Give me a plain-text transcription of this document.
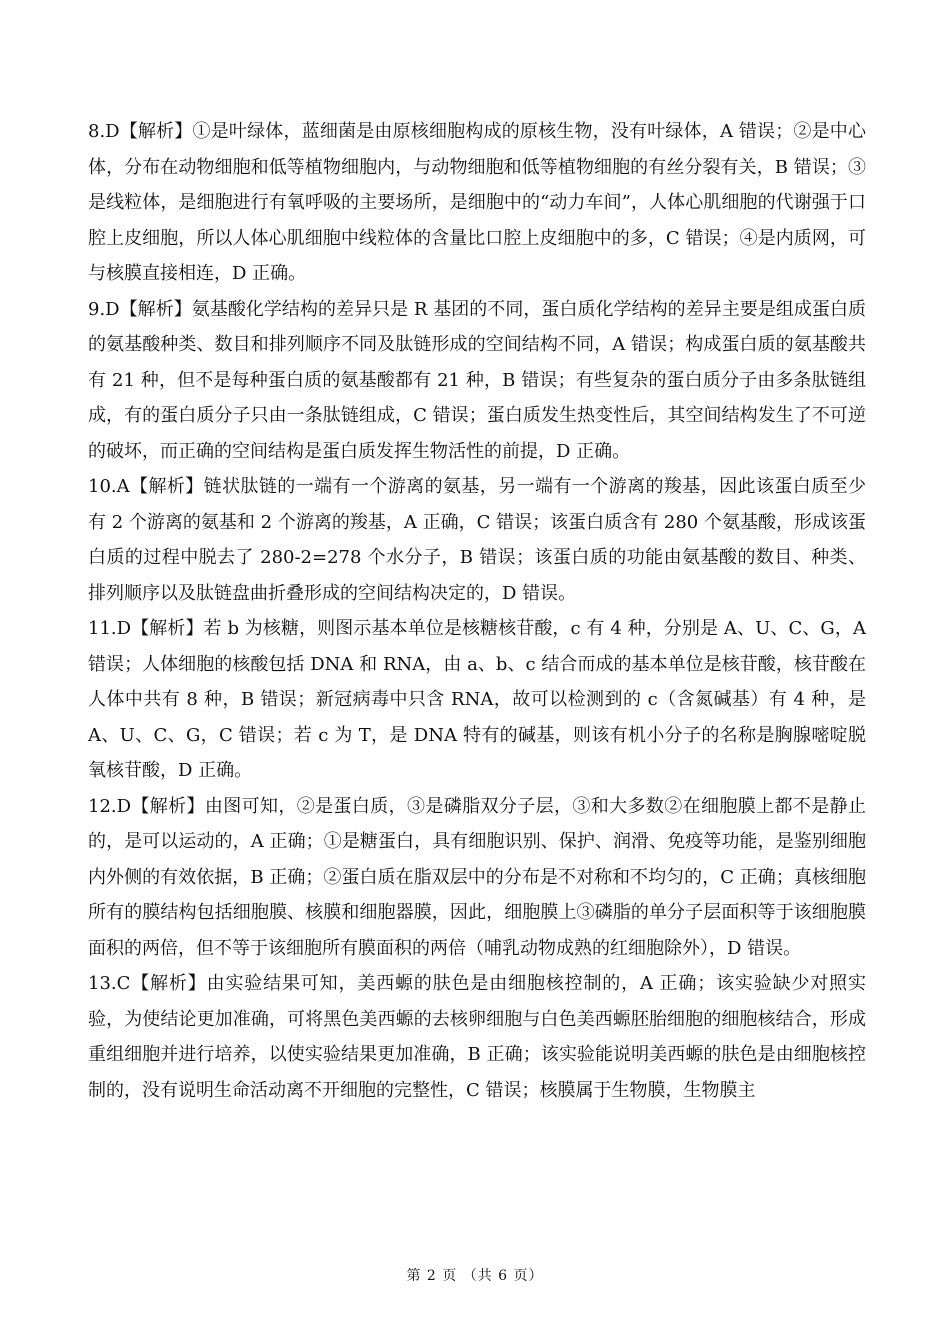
8.D【解析】①是叶绿体，蓝细菌是由原核细胞构成的原核生物，没有叶绿体，A 错误；②是中心体，分布在动物细胞和低等植物细胞内，与动物细胞和低等植物细胞的有丝分裂有关，B 错误；③是线粒体，是细胞进行有氧呼吸的主要场所，是细胞中的“动力车间”，人体心肌细胞的代谢强于口腔上皮细胞，所以人体心肌细胞中线粒体的含量比口腔上皮细胞中的多，C 错误；④是内质网，可与核膜直接相连，D 正确。

9.D【解析】氨基酸化学结构的差异只是 R 基团的不同，蛋白质化学结构的差异主要是组成蛋白质的氨基酸种类、数目和排列顺序不同及肽链形成的空间结构不同，A 错误；构成蛋白质的氨基酸共有 21 种，但不是每种蛋白质的氨基酸都有 21 种，B 错误；有些复杂的蛋白质分子由多条肽链组成，有的蛋白质分子只由一条肽链组成，C 错误；蛋白质发生热变性后，其空间结构发生了不可逆的破坏，而正确的空间结构是蛋白质发挥生物活性的前提，D 正确。

10.A【解析】链状肽链的一端有一个游离的氨基，另一端有一个游离的羧基，因此该蛋白质至少有 2 个游离的氨基和 2 个游离的羧基，A 正确，C 错误；该蛋白质含有 280 个氨基酸，形成该蛋白质的过程中脱去了 280-2=278 个水分子，B 错误；该蛋白质的功能由氨基酸的数目、种类、排列顺序以及肽链盘曲折叠形成的空间结构决定的，D 错误。

11.D【解析】若 b 为核糖，则图示基本单位是核糖核苷酸，c 有 4 种，分别是 A、U、C、G，A 错误；人体细胞的核酸包括 DNA 和 RNA，由 a、b、c 结合而成的基本单位是核苷酸，核苷酸在人体中共有 8 种，B 错误；新冠病毒中只含 RNA，故可以检测到的 c（含氮碱基）有 4 种，是 A、U、C、G，C 错误；若 c 为 T，是 DNA 特有的碱基，则该有机小分子的名称是胸腺嘧啶脱氧核苷酸，D 正确。

12.D【解析】由图可知，②是蛋白质，③是磷脂双分子层，③和大多数②在细胞膜上都不是静止的，是可以运动的，A 正确；①是糖蛋白，具有细胞识别、保护、润滑、免疫等功能，是鉴别细胞内外侧的有效依据，B 正确；②蛋白质在脂双层中的分布是不对称和不均匀的，C 正确；真核细胞所有的膜结构包括细胞膜、核膜和细胞器膜，因此，细胞膜上③磷脂的单分子层面积等于该细胞膜面积的两倍，但不等于该细胞所有膜面积的两倍（哺乳动物成熟的红细胞除外），D 错误。

13.C【解析】由实验结果可知，美西螈的肤色是由细胞核控制的，A 正确；该实验缺少对照实验，为使结论更加准确，可将黑色美西螈的去核卵细胞与白色美西螈胚胎细胞的细胞核结合，形成重组细胞并进行培养，以使实验结果更加准确，B 正确；该实验能说明美西螈的肤色是由细胞核控制的，没有说明生命活动离不开细胞的完整性，C 错误；核膜属于生物膜，生物膜主

第 2 页 （共 6 页）
